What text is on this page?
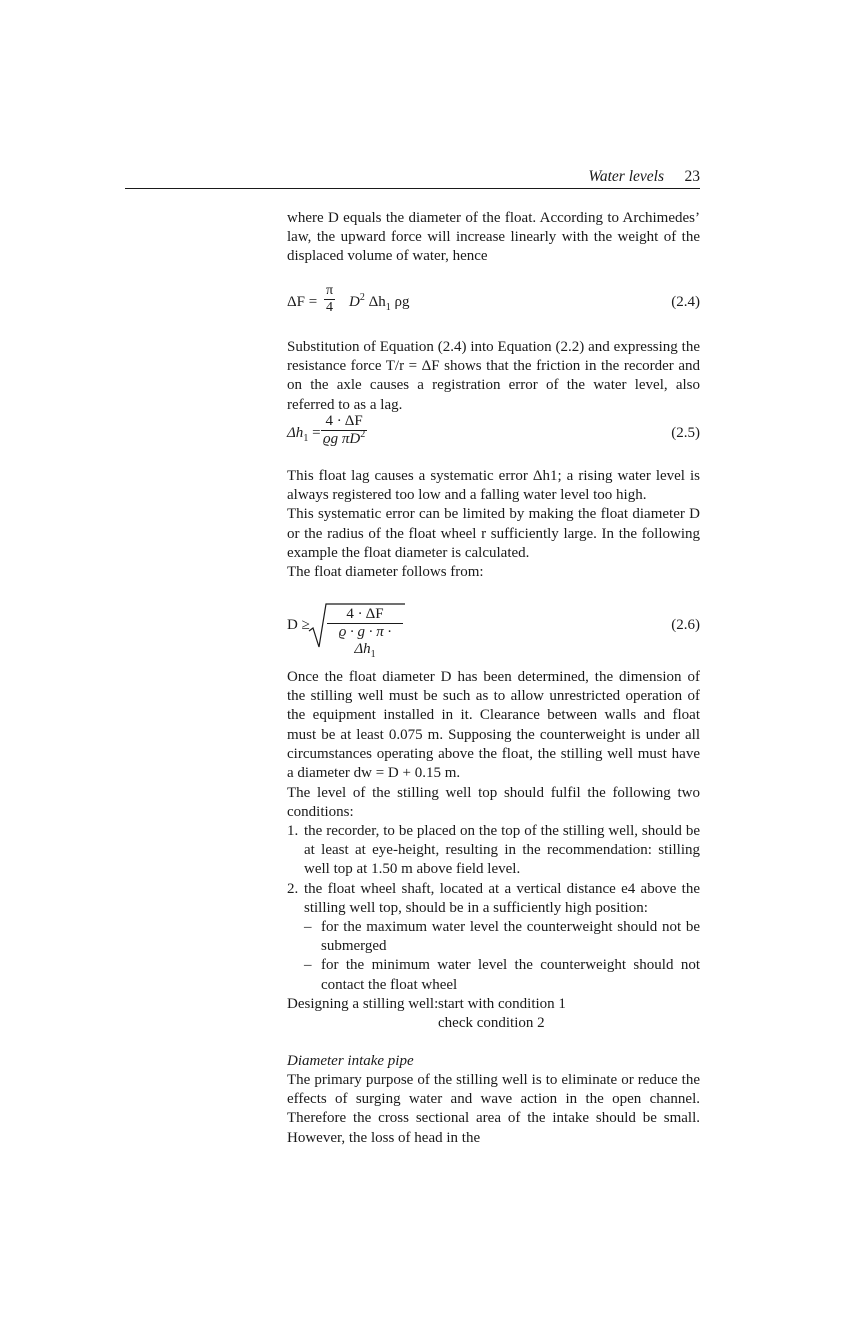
Water levels 23

where D equals the diameter of the float. According to Archimedes’ law, the upward force will increase linearly with the weight of the displaced volume of water, hence

$\Delta F = \frac{\pi}{4} D^2$ $\Delta h_1$ ρg	(2.4)

Substitution of Equation (2.4) into Equation (2.2) and expressing the resistance force T/r = ΔF shows that the friction in the recorder and on the axle causes a registration error of the water level, also referred to as a lag.

$\Delta h_1 = \frac{4 \cdot \Delta F}{ϱg \pi D^2}$	(2.5)

This float lag causes a systematic error Δh1; a rising water level is always registered too low and a falling water level too high.

This systematic error can be limited by making the float diameter D or the radius of the float wheel r sufficiently large. In the following example the float diameter is calculated.

The float diameter follows from:

$D \ge \frac{4 \cdot \Delta F}{ϱ \cdot g \cdot \pi \cdot \Delta h_1}$	(2.6)

Once the float diameter D has been determined, the dimension of the stilling well must be such as to allow unrestricted operation of the equipment installed in it. Clearance between walls and float must be at least 0.075 m. Supposing the counterweight is under all circumstances operating above the float, the stilling well must have a diameter dw = D + 0.15 m.

The level of the stilling well top should fulfil the following two conditions:

1. the recorder, to be placed on the top of the stilling well, should be at least at eye-height, resulting in the recommendation: stilling well top at 1.50 m above field level.
2. the float wheel shaft, located at a vertical distance e4 above the stilling well top, should be in a sufficiently high position:
– for the maximum water level the counterweight should not be submerged
– for the minimum water level the counterweight should not contact the float wheel
Designing a stilling well: start with condition 1
check condition 2

Diameter intake pipe

The primary purpose of the stilling well is to eliminate or reduce the effects of surging water and wave action in the open channel. Therefore the cross sectional area of the intake should be small. However, the loss of head in the
